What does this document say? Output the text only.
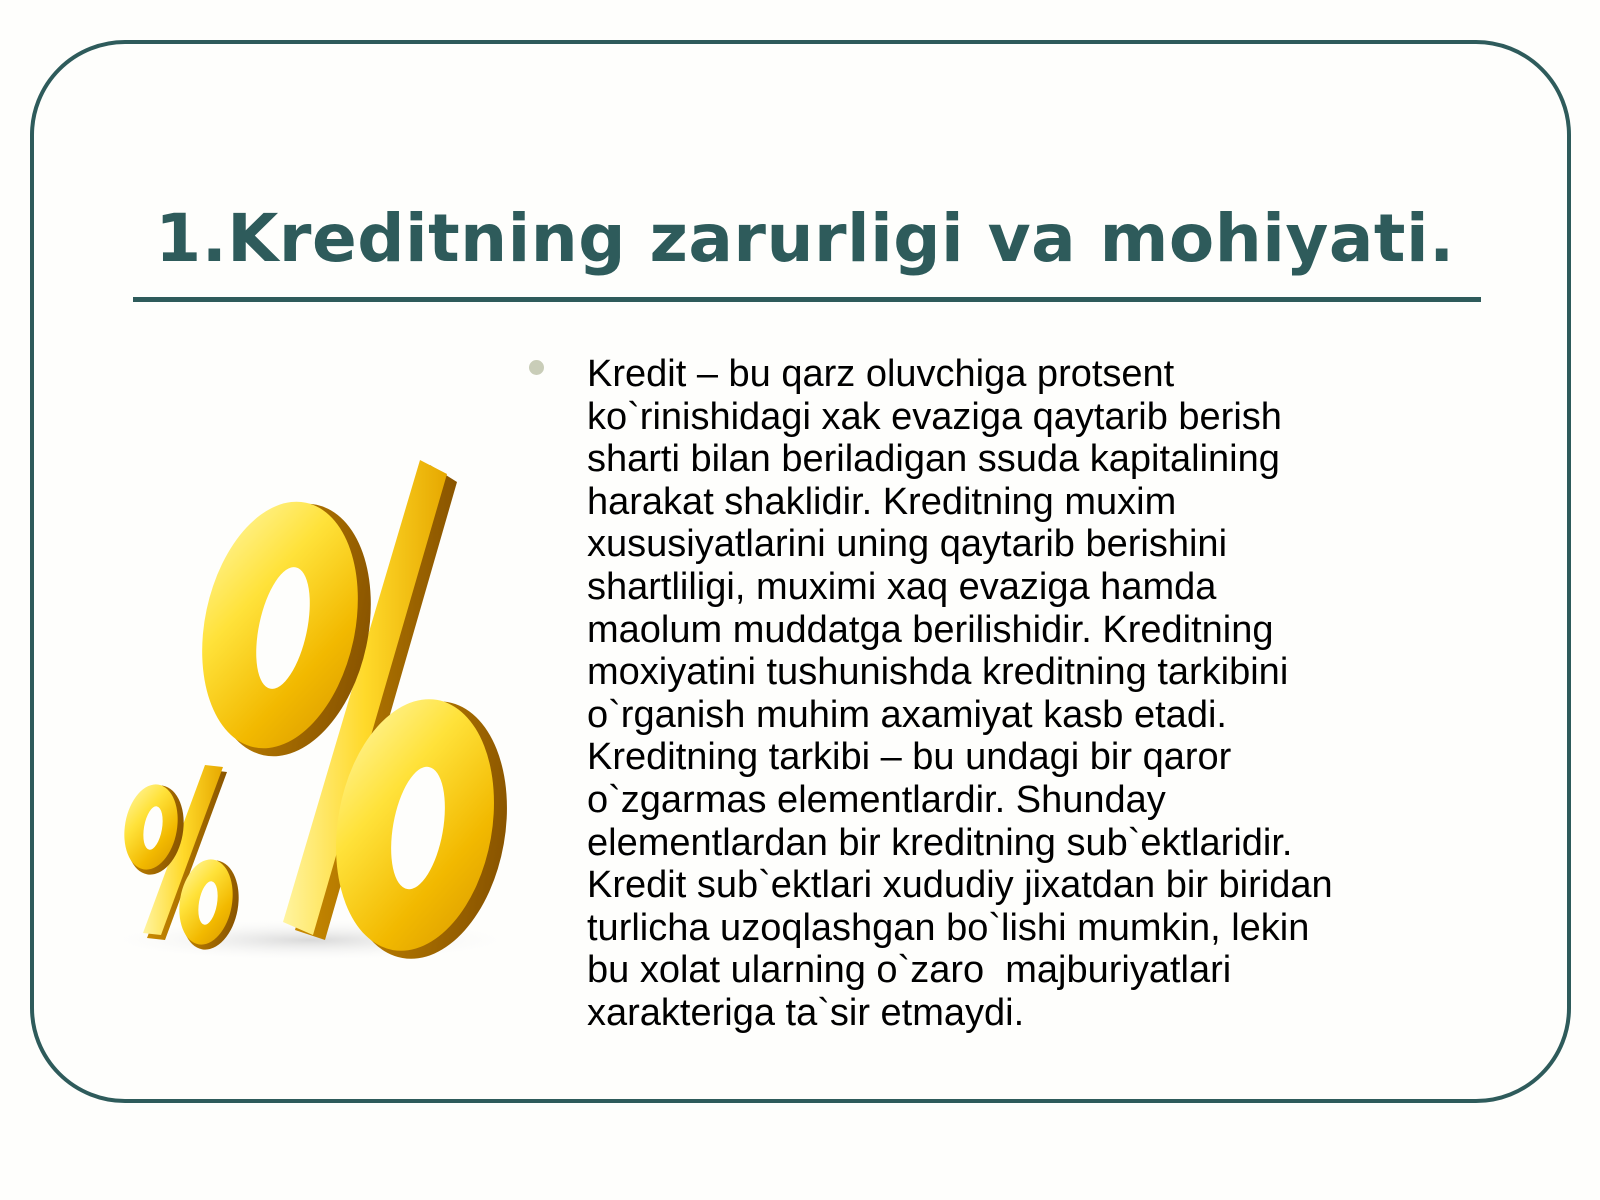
1.Kreditning zarurligi va mohiyati.

Kredit – bu qarz oluvchiga protsent
ko`rinishidagi xak evaziga qaytarib berish
sharti bilan beriladigan ssuda kapitalining
harakat shaklidir. Kreditning muxim
xususiyatlarini uning qaytarib berishini
shartliligi, muximi xaq evaziga hamda
maolum muddatga berilishidir. Kreditning
moxiyatini tushunishda kreditning tarkibini
o`rganish muhim axamiyat kasb etadi.
Kreditning tarkibi – bu undagi bir qaror
o`zgarmas elementlardir. Shunday
elementlardan bir kreditning sub`ektlaridir.
Kredit sub`ektlari xududiy jixatdan bir biridan
turlicha uzoqlashgan bo`lishi mumkin, lekin
bu xolat ularning o`zaro  majburiyatlari
xarakteriga ta`sir etmaydi.
